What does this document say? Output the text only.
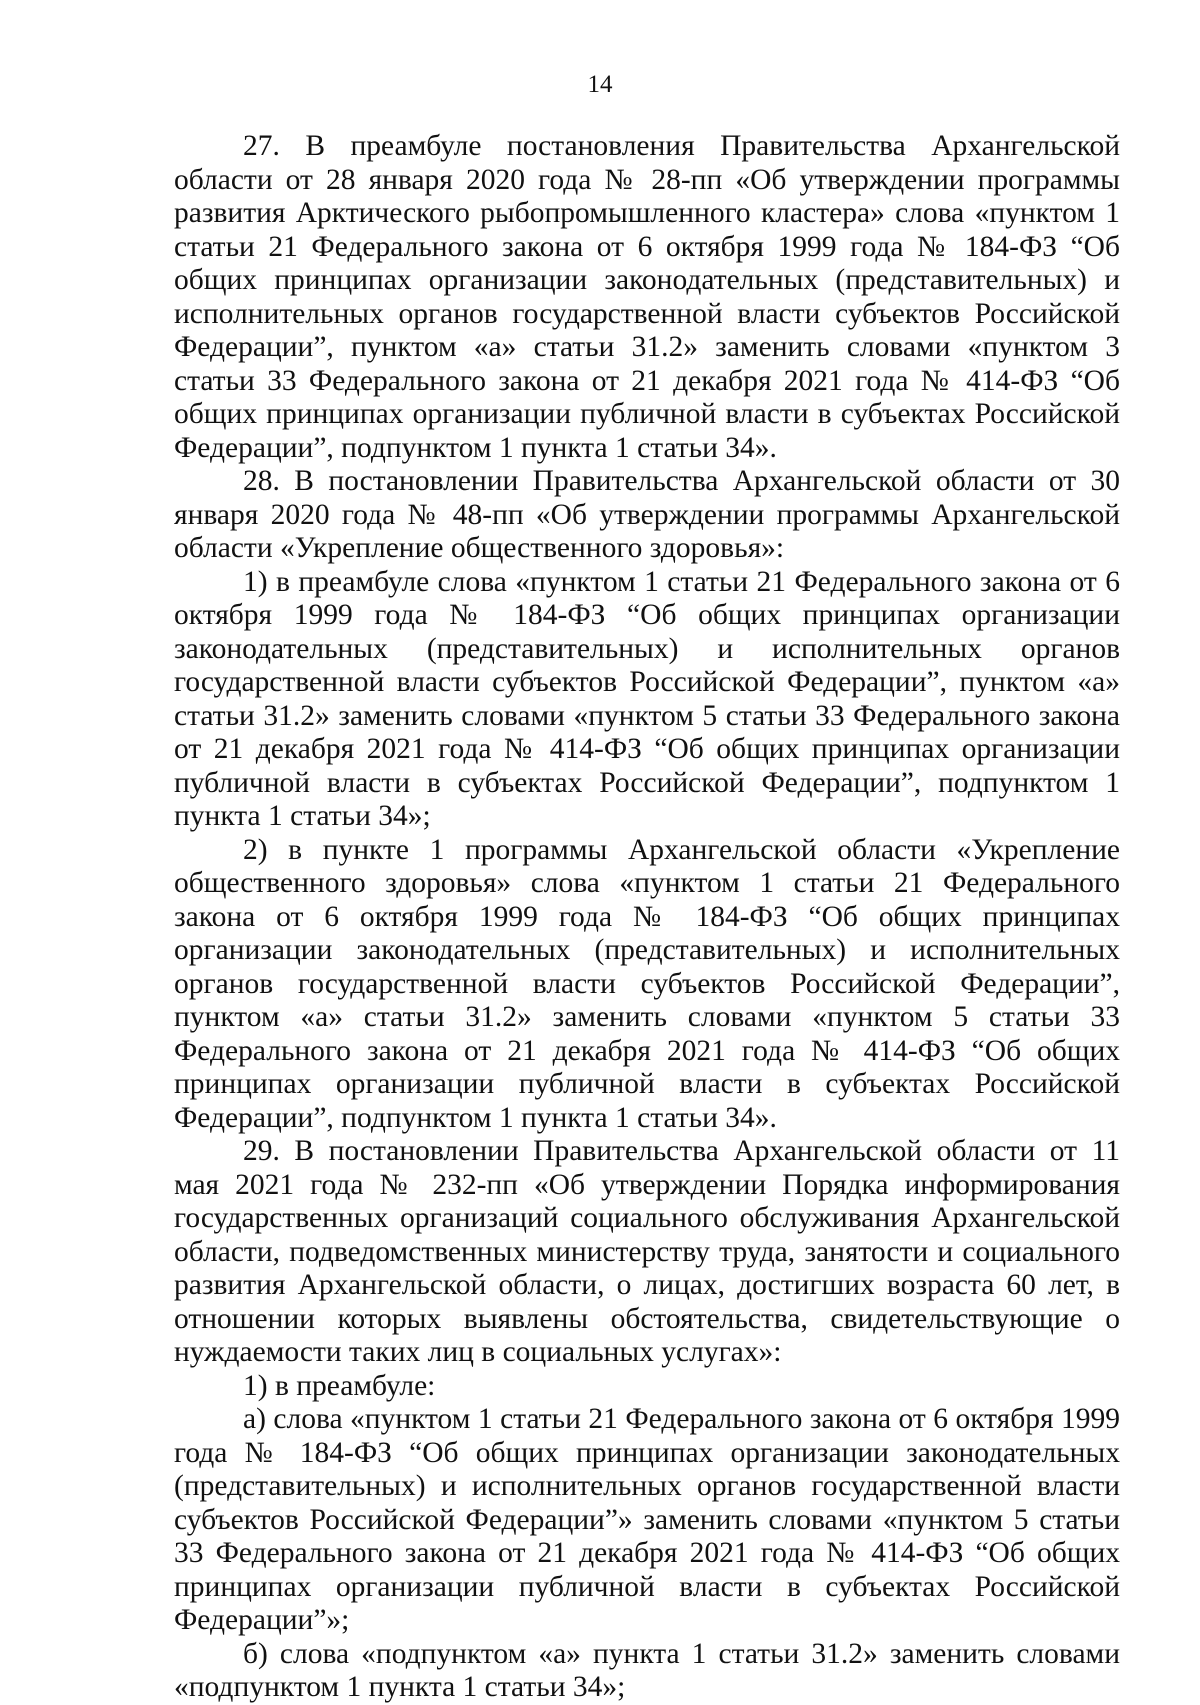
14

27. В преамбуле постановления Правительства Архангельской области от 28 января 2020 года № 28-пп «Об утверждении программы развития Арктического рыбопромышленного кластера» слова «пунктом 1 статьи 21 Федерального закона от 6 октября 1999 года № 184-ФЗ “Об общих принципах организации законодательных (представительных) и исполнительных органов государственной власти субъектов Российской Федерации”, пунктом «а» статьи 31.2» заменить словами «пунктом 3 статьи 33 Федерального закона от 21 декабря 2021 года № 414-ФЗ “Об общих принципах организации публичной власти в субъектах Российской Федерации”, подпунктом 1 пункта 1 статьи 34».

28. В постановлении Правительства Архангельской области от 30 января 2020 года № 48-пп «Об утверждении программы Архангельской области «Укрепление общественного здоровья»:

1) в преамбуле слова «пунктом 1 статьи 21 Федерального закона от 6 октября 1999 года № 184-ФЗ “Об общих принципах организации законодательных (представительных) и исполнительных органов государственной власти субъектов Российской Федерации”, пунктом «а» статьи 31.2» заменить словами «пунктом 5 статьи 33 Федерального закона от 21 декабря 2021 года № 414-ФЗ “Об общих принципах организации публичной власти в субъектах Российской Федерации”, подпунктом 1 пункта 1 статьи 34»;

2) в пункте 1 программы Архангельской области «Укрепление общественного здоровья» слова «пунктом 1 статьи 21 Федерального закона от 6 октября 1999 года № 184-ФЗ “Об общих принципах организации законодательных (представительных) и исполнительных органов государственной власти субъектов Российской Федерации”, пунктом «а» статьи 31.2» заменить словами «пунктом 5 статьи 33 Федерального закона от 21 декабря 2021 года № 414-ФЗ “Об общих принципах организации публичной власти в субъектах Российской Федерации”, подпунктом 1 пункта 1 статьи 34».

29. В постановлении Правительства Архангельской области от 11 мая 2021 года № 232-пп «Об утверждении Порядка информирования государственных организаций социального обслуживания Архангельской области, подведомственных министерству труда, занятости и социального развития Архангельской области, о лицах, достигших возраста 60 лет, в отношении которых выявлены обстоятельства, свидетельствующие о нуждаемости таких лиц в социальных услугах»:

1) в преамбуле:

а) слова «пунктом 1 статьи 21 Федерального закона от 6 октября 1999 года № 184-ФЗ “Об общих принципах организации законодательных (представительных) и исполнительных органов государственной власти субъектов Российской Федерации”» заменить словами «пунктом 5 статьи 33 Федерального закона от 21 декабря 2021 года № 414-ФЗ “Об общих принципах организации публичной власти в субъектах Российской Федерации”»;

б) слова «подпунктом «а» пункта 1 статьи 31.2» заменить словами «подпунктом 1 пункта 1 статьи 34»;
